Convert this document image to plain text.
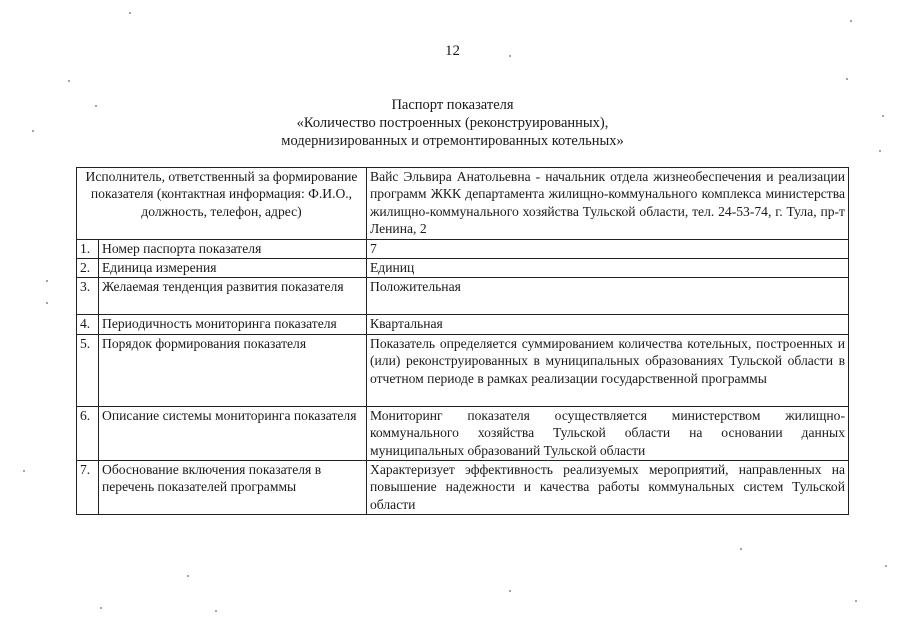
12
Паспорт показателя
«Количество построенных (реконструированных),
модернизированных и отремонтированных котельных»
Исполнитель, ответственный за формирование показателя (контактная информация: Ф.И.О., должность, телефон, адрес)		Вайс Эльвира Анатольевна - начальник отдела жизнеобеспечения и реализации программ ЖКК департамента жилищно-коммунального комплекса министерства жилищно-коммунального хозяйства Тульской области, тел. 24-53-74, г. Тула, пр-т Ленина, 2
1.	Номер паспорта показателя	7
2.	Единица измерения	Единиц
3.	Желаемая тенденция развития показателя	Положительная
4.	Периодичность мониторинга показателя	Квартальная
5.	Порядок формирования показателя	Показатель определяется суммированием количества котельных, построенных и (или) реконструированных в муниципальных образованиях Тульской области в отчетном периоде в рамках реализации государственной программы
6.	Описание системы мониторинга показателя	Мониторинг показателя осуществляется министерством жилищно-коммунального хозяйства Тульской области на основании данных муниципальных образований Тульской области
7.	Обоснование включения показателя в перечень показателей программы	Характеризует эффективность реализуемых мероприятий, направленных на повышение надежности и качества работы коммунальных систем Тульской области
